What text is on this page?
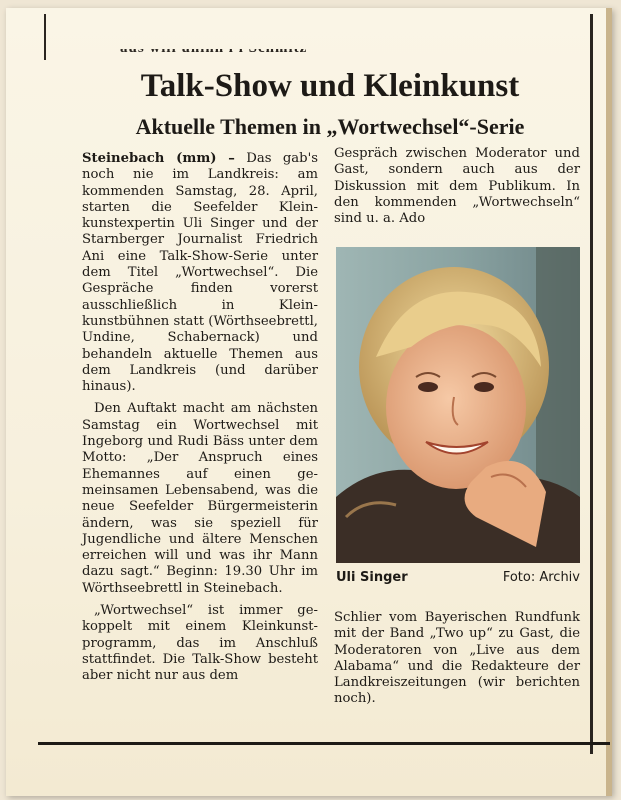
Talk-Show und Kleinkunst
Aktuelle Themen in „Wortwechsel“-Serie

Steinebach (mm) – Das gab's noch nie im Landkreis: am kommenden Samstag, 28. April, starten die Seefelder Kleinkunstexpertin Uli Singer und der Starnberger Journalist Friedrich Ani eine Talk-Show-Serie unter dem Titel „Wortwechsel“. Die Gespräche finden vorerst ausschließlich in Kleinkunstbühnen statt (Wörthseebrettl, Undine, Schabernack) und behandeln aktuelle Themen aus dem Landkreis (und darüber hinaus).

Den Auftakt macht am nächsten Samstag ein Wortwechsel mit Ingeborg und Rudi Bäss unter dem Motto: „Der Anspruch eines Ehemannes auf einen gemeinsamen Lebensabend, was die neue Seefelder Bürgermeisterin ändern, was sie speziell für Jugendliche und ältere Menschen erreichen will und was ihr Mann dazu sagt.“ Beginn: 19.30 Uhr im Wörthseebrettl in Steinebach.

„Wortwechsel“ ist immer gekoppelt mit einem Kleinkunstprogramm, das im Anschluß stattfindet. Die Talk-Show besteht aber nicht nur aus dem

Gespräch zwischen Moderator und Gast, sondern auch aus der Diskussion mit dem Publikum. In den kommenden „Wortwechseln“ sind u. a. Ado

Uli Singer	Foto: Archiv

Schlier vom Bayerischen Rundfunk mit der Band „Two up“ zu Gast, die Moderatoren von „Live aus dem Alabama“ und die Redakteure der Landkreiszeitungen (wir berichten noch).
